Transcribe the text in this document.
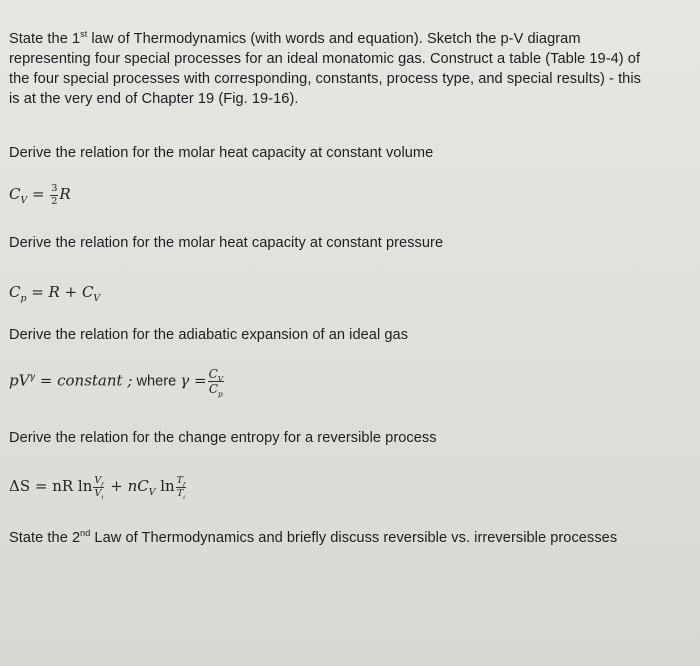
State the 1st law of Thermodynamics (with words and equation). Sketch the p-V diagram
representing four special processes for an ideal monatomic gas. Construct a table (Table 19-4) of
the four special processes with corresponding, constants, process type, and special results) - this
is at the very end of Chapter 19 (Fig. 19-16).
Derive the relation for the molar heat capacity at constant volume
$C_V = \frac{3}{2}$ R
Derive the relation for the molar heat capacity at constant pressure
$C_p = R + C_V$
Derive the relation for the adiabatic expansion of an ideal gas
$pV^\gamma$ = constant ; where $\gamma = \frac{C_V}{C_p}$
Derive the relation for the change entropy for a reversible process
ΔS = nR $\ln \frac{V_f}{V_i} + nC_V$ $\ln \frac{T_f}{T_i}$
State the 2nd Law of Thermodynamics and briefly discuss reversible vs. irreversible processes
